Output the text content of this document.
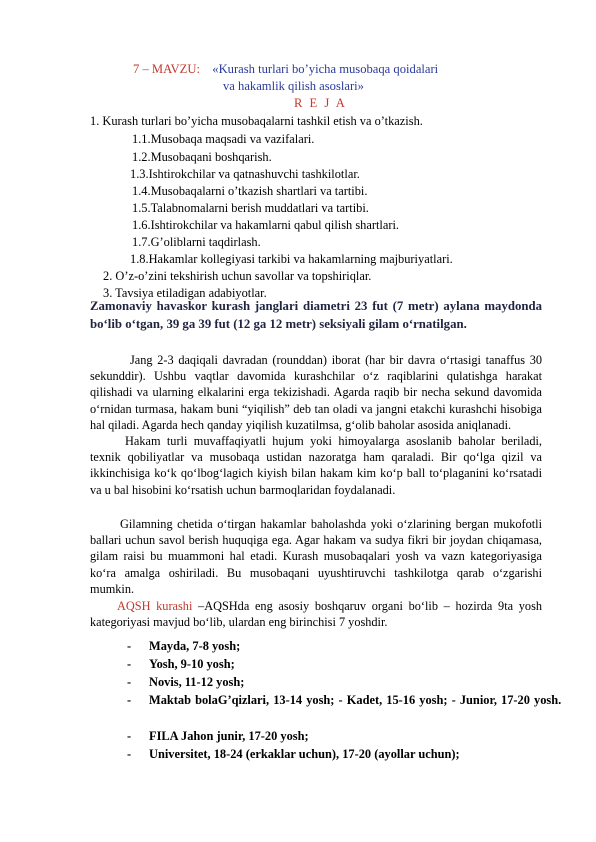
7 – MAVZU: «Kurash turlari bo’yicha musobaqa qoidalari
va hakamlik qilish asoslari»
R E J A
1. Kurash turlari bo’yicha musobaqalarni tashkil etish va o’tkazish.
1.1.Musobaqa maqsadi va vazifalari.
1.2.Musobaqani boshqarish.
1.3.Ishtirokchilar va qatnashuvchi tashkilotlar.
1.4.Musobaqalarni o’tkazish shartlari va tartibi.
1.5.Talabnomalarni berish muddatlari va tartibi.
1.6.Ishtirokchilar va hakamlarni qabul qilish shartlari.
1.7.G’oliblarni taqdirlash.
1.8.Hakamlar kollegiyasi tarkibi va hakamlarning majburiyatlari.
2. O’z-o’zini tekshirish uchun savollar va topshiriqlar.
3. Tavsiya etiladigan adabiyotlar.
Zamonaviy havaskor kurash janglari diametri 23 fut (7 metr) aylana maydonda bo‘lib o‘tgan, 39 ga 39 fut (12 ga 12 metr) seksiyali gilam o‘rnatilgan.
Jang 2-3 daqiqali davradan (rounddan) iborat (har bir davra o‘rtasigi tanaffus 30 sekunddir). Ushbu vaqtlar davomida kurashchilar o‘z raqiblarini qulatishga harakat qilishadi va ularning elkalarini erga tekizishadi. Agarda raqib bir necha sekund davomida o‘rnidan turmasa, hakam buni “yiqilish” deb tan oladi va jangni etakchi kurashchi hisobiga hal qiladi. Agarda hech qanday yiqilish kuzatilmsa, g‘olib baholar asosida aniqlanadi.
Hakam turli muvaffaqiyatli hujum yoki himoyalarga asoslanib baholar beriladi, texnik qobiliyatlar va musobaqa ustidan nazoratga ham qaraladi. Bir qo‘lga qizil va ikkinchisiga ko‘k qo‘lbog‘lagich kiyish bilan hakam kim ko‘p ball to‘plaganini ko‘rsatadi va u bal hisobini ko‘rsatish uchun barmoqlaridan foydalanadi.
Gilamning chetida o‘tirgan hakamlar baholashda yoki o‘zlarining bergan mukofotli ballari uchun savol berish huquqiga ega. Agar hakam va sudya fikri bir joydan chiqamasa, gilam raisi bu muammoni hal etadi. Kurash musobaqalari yosh va vazn kategoriyasiga ko‘ra amalga oshiriladi. Bu musobaqani uyushtiruvchi tashkilotga qarab o‘zgarishi mumkin.
AQSH kurashi –AQSHda eng asosiy boshqaruv organi bo‘lib – hozirda 9ta yosh kategoriyasi mavjud bo‘lib, ulardan eng birinchisi 7 yoshdir.
- Mayda, 7-8 yosh;
- Yosh, 9-10 yosh;
- Novis, 11-12 yosh;
- Maktab bolaG’qizlari, 13-14 yosh; - Kadet, 15-16 yosh; - Junior, 17-20 yosh.
- FILA Jahon junir, 17-20 yosh;
- Universitet, 18-24 (erkaklar uchun), 17-20 (ayollar uchun);
